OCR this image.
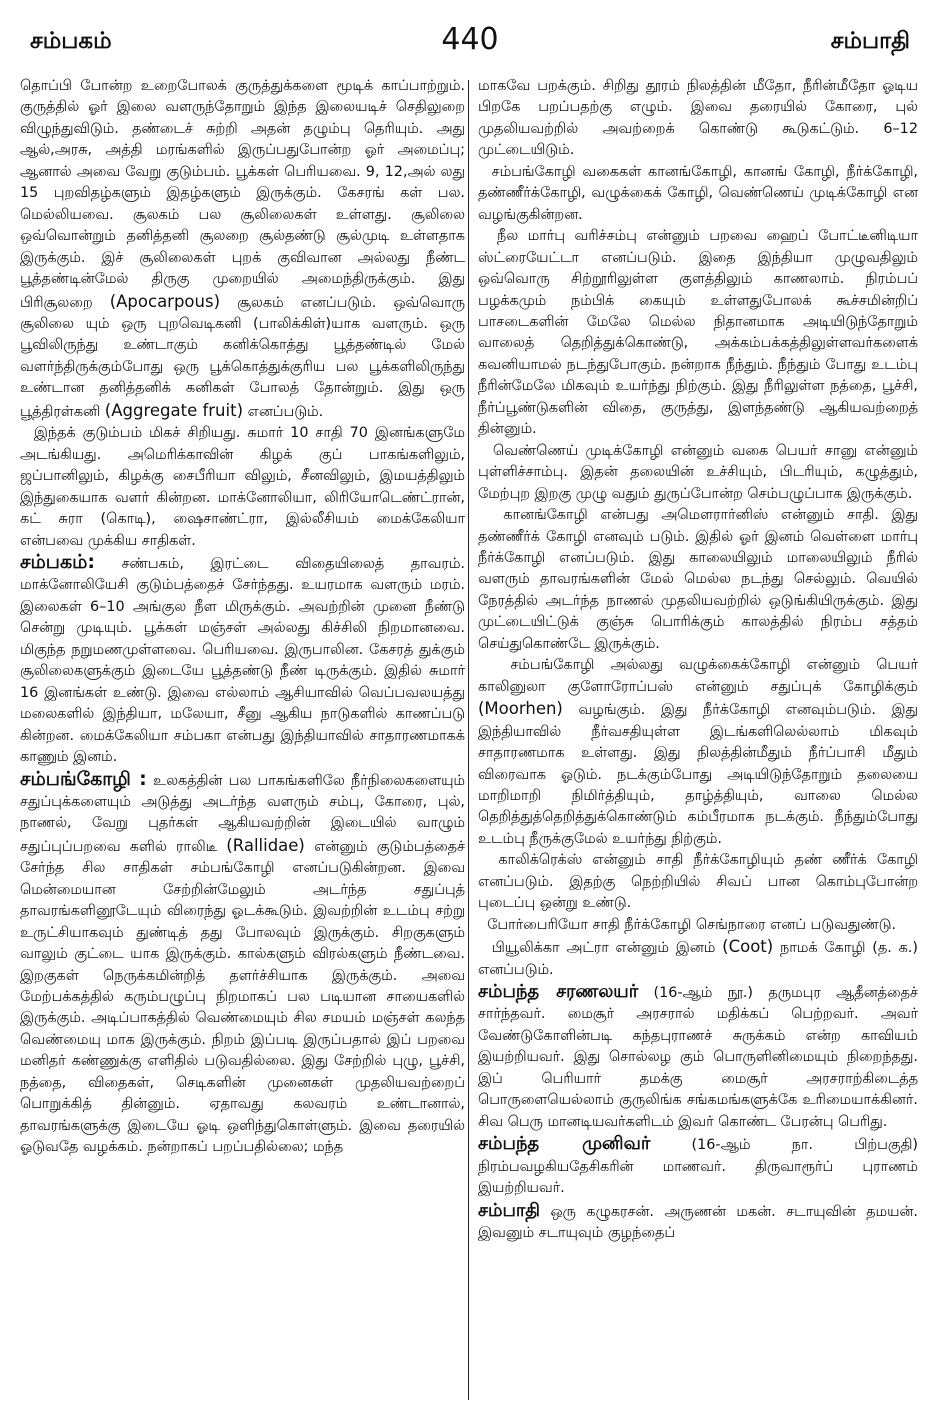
சம்பகம்	440	சம்பாதி

தொப்பி போன்ற உறைபோலக் குருத்துக்களை மூடிக் காப்பாற்றும். குருத்தில் ஓர் இலை வளருந்தோறும் இந்த இலையடிச் செதிலுறை விழுந்துவிடும். தண்டைச் சுற்றி அதன் தழும்பு தெரியும். அது ஆல்,அரசு, அத்தி மரங்களில் இருப்பதுபோன்ற ஓர் அமைப்பு; ஆனால் அவை வேறு குடும்பம். பூக்கள் பெரியவை. 9, 12,அல் லது 15 புறவிதழ்களும் இதழ்களும் இருக்கும். கேசரங் கள் பல. மெல்லியவை. சூலகம் பல சூலிலைகள் உள்ளது. சூலிலை ஒவ்வொன்றும் தனித்தனி சூலறை சூல்தண்டு சூல்முடி உள்ளதாக இருக்கும். இச் சூலிலைகள் புறக் குவிவான அல்லது நீண்ட பூத்தண்டின்மேல் திருகு முறையில் அமைந்திருக்கும். இது பிரிசூலறை (Apocarpous) சூலகம் எனப்படும். ஒவ்வொரு சூலிலை யும் ஒரு புறவெடிகனி (பாலிக்கிள்)யாக வளரும். ஒரு பூவிலிருந்து உண்டாகும் கனிக்கொத்து பூத்தண்டில் மேல் வளர்ந்திருக்கும்போது ஒரு பூக்கொத்துக்குரிய பல பூக்களிலிருந்து உண்டான தனித்தனிக் கனிகள் போலத் தோன்றும். இது ஒரு பூத்திரள்கனி (Aggregate fruit) எனப்படும்.

இந்தக் குடும்பம் மிகச் சிறியது. சுமார் 10 சாதி 70 இனங்களுமே அடங்கியது. அமெரிக்காவின் கிழக் குப் பாகங்களிலும், ஜப்பானிலும், கிழக்கு சைபீரியா விலும், சீனவிலும், இமயத்திலும் இந்துகையாக வளர் கின்றன. மாக்னோலியா, லிரியோடெண்ட்ரான், கட் சுரா (கொடி), ஷைசாண்ட்ரா, இல்லீசியம் மைக்கேலியா என்பவை முக்கிய சாதிகள்.

சம்பகம்: சண்பகம், இரட்டை விதையிலைத் தாவரம். மாக்னோலியேசி குடும்பத்தைச் சேர்ந்தது. உயரமாக வளரும் மரம். இலைகள் 6–10 அங்குல நீள மிருக்கும். அவற்றின் முனை நீண்டு சென்று முடியும். பூக்கள் மஞ்சள் அல்லது கிச்சிலி நிறமானவை. மிகுந்த நறுமணமுள்ளவை. பெரியவை. இருபாலின. கேசரத் துக்கும் சூலிலைகளுக்கும் இடையே பூத்தண்டு நீண் டிருக்கும். இதில் சுமார் 16 இனங்கள் உண்டு. இவை எல்லாம் ஆசியாவில் வெப்பவலயத்து மலைகளில் இந்தியா, மலேயா, சீனு ஆகிய நாடுகளில் காணப்படு கின்றன. மைக்கேலியா சம்பகா என்பது இந்தியாவில் சாதாரணமாகக் காணும் இனம்.

சம்பங்கோழி : உலகத்தின் பல பாகங்களிலே நீர்நிலைகளையும் சதுப்புக்களையும் அடுத்து அடர்ந்த வளரும் சம்பு, கோரை, புல், நாணல், வேறு புதர்கள் ஆகியவற்றின் இடையில் வாழும் சதுப்புப்பறவை களில் ராலிடீ (Rallidae) என்னும் குடும்பத்தைச் சேர்ந்த சில சாதிகள் சம்பங்கோழி எனப்படுகின்றன. இவை மென்மையான சேற்றின்மேலும் அடர்ந்த சதுப்புத் தாவரங்களினூடேயும் விரைந்து ஓடக்கூடும். இவற்றின் உடம்பு சற்று உருட்சியாகவும் துண்டித் தது போலவும் இருக்கும். சிறகுகளும் வாலும் குட்டை யாக இருக்கும். கால்களும் விரல்களும் நீண்டவை. இறகுகள் நெருக்கமின்றித் தளர்ச்சியாக இருக்கும். அவை மேற்பக்கத்தில் கரும்பழுப்பு நிறமாகப் பல படியான சாயைகளில் இருக்கும். அடிப்பாகத்தில் வெண்மையும் சில சமயம் மஞ்சள் கலந்த வெண்மையு மாக இருக்கும். நிறம் இப்படி இருப்பதால் இப் பறவை மனிதர் கண்ணுக்கு எளிதில் படுவதில்லை. இது சேற்றில் புழு, பூச்சி, நத்தை, விதைகள், செடிகளின் முனைகள் முதலியவற்றைப் பொறுக்கித் தின்னும். ஏதாவது கலவரம் உண்டானால், தாவரங்களுக்கு இடையே ஓடி ஒளிந்துகொள்ளும். இவை தரையில் ஓடுவதே வழக்கம். நன்றாகப் பறப்பதில்லை; மந்த

மாகவே பறக்கும். சிறிது தூரம் நிலத்தின் மீதோ, நீரின்மீதோ ஓடிய பிறகே பறப்பதற்கு எழும். இவை தரையில் கோரை, புல் முதலியவற்றில் அவற்றைக் கொண்டு கூடுகட்டும். 6–12 முட்டையிடும்.

சம்பங்கோழி வகைகள் கானங்கோழி, கானங் கோழி, நீர்க்கோழி, தண்ணீர்க்கோழி, வழுக்கைக் கோழி, வெண்ணெய் முடிக்கோழி என வழங்குகின்றன.

நீல மார்பு வரிச்சம்பு என்னும் பறவை ஹைப் போட்டீனிடியா ஸ்ட்ரையேட்டா எனப்படும். இதை இந்தியா முழுவதிலும் ஒவ்வொரு சிற்றூரிலுள்ள குளத்திலும் காணலாம். நிரம்பப் பழக்கமும் நம்பிக் கையும் உள்ளதுபோலக் கூச்சமின்றிப் பாசடைகளின் மேலே மெல்ல நிதானமாக அடியிடுந்தோறும் வாலைத் தெறித்துக்கொண்டு, அக்கம்பக்கத்திலுள்ளவர்களைக் கவனியாமல் நடந்துபோகும். நன்றாக நீந்தும். நீந்தும் போது உடம்பு நீரின்மேலே மிகவும் உயர்ந்து நிற்கும். இது நீரிலுள்ள நத்தை, பூச்சி, நீர்ப்பூண்டுகளின் விதை, குருத்து, இளந்தண்டு ஆகியவற்றைத் தின்னும்.

வெண்ணெய் முடிக்கோழி என்னும் வகை பெயர் சானு என்னும் புள்ளிச்சாம்பு. இதன் தலையின் உச்சியும், பிடரியும், கழுத்தும், மேற்புற இறகு முழு வதும் துருப்போன்ற செம்பழுப்பாக இருக்கும்.

கானங்கோழி என்பது அமௌரார்னிஸ் என்னும் சாதி. இது தண்ணீர்க் கோழி எனவும் படும். இதில் ஓர் இனம் வெள்ளை மார்பு நீர்க்கோழி எனப்படும். இது காலையிலும் மாலையிலும் நீரில் வளரும் தாவரங்களின் மேல் மெல்ல நடந்து செல்லும். வெயில் நேரத்தில் அடர்ந்த நாணல் முதலியவற்றில் ஒடுங்கியிருக்கும். இது முட்டையிட்டுக் குஞ்சு பொரிக்கும் காலத்தில் நிரம்ப சத்தம் செய்துகொண்டே இருக்கும்.

சம்பங்கோழி அல்லது வழுக்கைக்கோழி என்னும் பெயர் காலினுலா குளோரோப்பஸ் என்னும் சதுப்புக் கோழிக்கும் (Moorhen) வழங்கும். இது நீர்க்கோழி எனவும்படும். இது இந்தியாவில் நீர்வசதியுள்ள இடங்களிலெல்லாம் மிகவும் சாதாரணமாக உள்ளது. இது நிலத்தின்மீதும் நீர்ப்பாசி மீதும் விரைவாக ஓடும். நடக்கும்போது அடியிடுந்தோறும் தலையை மாறிமாறி நிமிர்த்தியும், தாழ்த்தியும், வாலை மெல்ல தெறித்துத்தெறித்துக்கொண்டும் கம்பீரமாக நடக்கும். நீந்தும்போது உடம்பு நீருக்குமேல் உயர்ந்து நிற்கும்.

காலிக்ரெக்ஸ் என்னும் சாதி நீர்க்கோழியும் தண் ணீர்க் கோழி எனப்படும். இதற்கு நெற்றியில் சிவப் பான கொம்புபோன்ற புடைப்பு ஒன்று உண்டு.

போர்பைரியோ சாதி நீர்க்கோழி செங்நாரை எனப் படுவதுண்டு.

பியூலிக்கா அட்ரா என்னும் இனம் (Coot) நாமக் கோழி (த. க.) எனப்படும்.

சம்பந்த சரணலயர் (16-ஆம் நூ.) தருமபுர ஆதீனத்தைச் சார்ந்தவர். மைசூர் அரசரால் மதிக்கப் பெற்றவர். அவர் வேண்டுகோளின்படி கந்தபுராணச் சுருக்கம் என்ற காவியம் இயற்றியவர். இது சொல்லழ கும் பொருளினிமையும் நிறைந்தது. இப் பெரியார் தமக்கு மைசூர் அரசராற்கிடைத்த பொருளையெல்லாம் குருலிங்க சங்கமங்களுக்கே உரிமையாக்கினர். சிவ பெரு மானடியவர்களிடம் இவர் கொண்ட பேரன்பு பெரிது.

சம்பந்த முனிவர்	(16-ஆம் நா. பிற்பகுதி) நிரம்பவழகியதேசிகரின் மாணவர். திருவாரூர்ப் புராணம் இயற்றியவர்.

சம்பாதி ஒரு கழுகரசன். அருணன் மகன். சடாயுவின் தமயன். இவனும் சடாயுவும் குழந்தைப்
